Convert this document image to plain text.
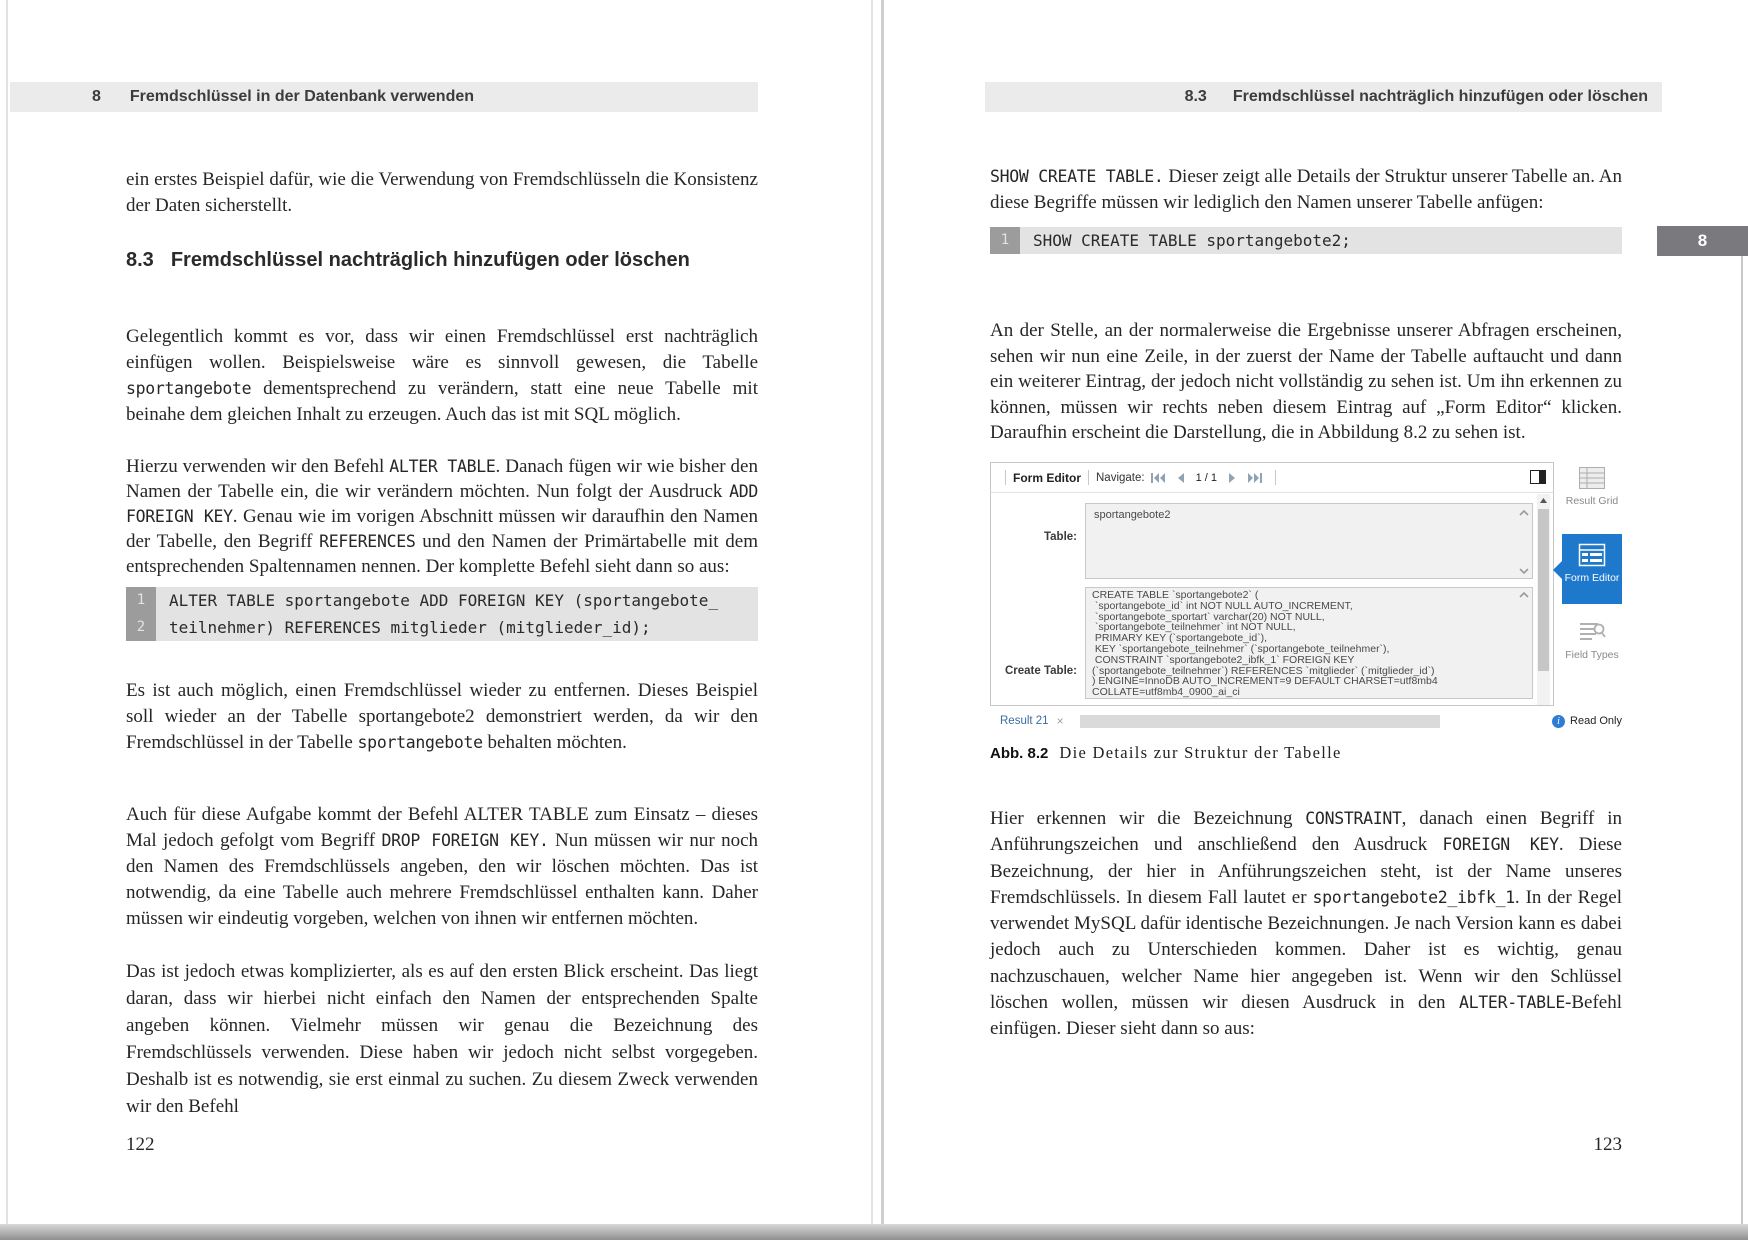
8 Fremdschlüssel in der Datenbank verwenden

ein erstes Beispiel dafür, wie die Verwendung von Fremdschlüsseln die Konsistenz der Daten sicherstellt.

8.3 Fremdschlüssel nachträglich hinzufügen oder löschen

Gelegentlich kommt es vor, dass wir einen Fremdschlüssel erst nachträglich einfügen wollen. Beispielsweise wäre es sinnvoll gewesen, die Tabelle sportangebote dementsprechend zu verändern, statt eine neue Tabelle mit beinahe dem gleichen Inhalt zu erzeugen. Auch das ist mit SQL möglich.

Hierzu verwenden wir den Befehl ALTER TABLE. Danach fügen wir wie bisher den Namen der Tabelle ein, die wir verändern möchten. Nun folgt der Ausdruck ADD FOREIGN KEY. Genau wie im vorigen Abschnitt müssen wir daraufhin den Namen der Tabelle, den Begriff REFERENCES und den Namen der Primärtabelle mit dem entsprechenden Spaltennamen nennen. Der komplette Befehl sieht dann so aus:

1	ALTER TABLE sportangebote ADD FOREIGN KEY (sportangebote_
2	teilnehmer) REFERENCES mitglieder (mitglieder_id);

Es ist auch möglich, einen Fremdschlüssel wieder zu entfernen. Dieses Beispiel soll wieder an der Tabelle sportangebote2 demonstriert werden, da wir den Fremdschlüssel in der Tabelle sportangebote behalten möchten.

Auch für diese Aufgabe kommt der Befehl ALTER TABLE zum Einsatz – dieses Mal jedoch gefolgt vom Begriff DROP FOREIGN KEY. Nun müssen wir nur noch den Namen des Fremdschlüssels angeben, den wir löschen möchten. Das ist notwendig, da eine Tabelle auch mehrere Fremdschlüssel enthalten kann. Daher müssen wir eindeutig vorgeben, welchen von ihnen wir entfernen möchten.

Das ist jedoch etwas komplizierter, als es auf den ersten Blick erscheint. Das liegt daran, dass wir hierbei nicht einfach den Namen der entsprechenden Spalte angeben können. Vielmehr müssen wir genau die Bezeichnung des Fremdschlüssels verwenden. Diese haben wir jedoch nicht selbst vorgegeben. Deshalb ist es notwendig, sie erst einmal zu suchen. Zu diesem Zweck verwenden wir den Befehl

122
8.3 Fremdschlüssel nachträglich hinzufügen oder löschen
8

SHOW CREATE TABLE. Dieser zeigt alle Details der Struktur unserer Tabelle an. An diese Begriffe müssen wir lediglich den Namen unserer Tabelle anfügen:

1	SHOW CREATE TABLE sportangebote2;

An der Stelle, an der normalerweise die Ergebnisse unserer Abfragen erscheinen, sehen wir nun eine Zeile, in der zuerst der Name der Tabelle auftaucht und dann ein weiterer Eintrag, der jedoch nicht vollständig zu sehen ist. Um ihn erkennen zu können, müssen wir rechts neben diesem Eintrag auf „Form Editor“ klicken. Daraufhin erscheint die Darstellung, die in Abbildung 8.2 zu sehen ist.

Form Editor Navigate:	1 / 1
Table:
sportangebote2
Create Table:
CREATE TABLE `sportangebote2` (
`sportangebote_id` int NOT NULL AUTO_INCREMENT,
`sportangebote_sportart` varchar(20) NOT NULL,
`sportangebote_teilnehmer` int NOT NULL,
PRIMARY KEY (`sportangebote_id`),
KEY `sportangebote_teilnehmer` (`sportangebote_teilnehmer`),
CONSTRAINT `sportangebote2_ibfk_1` FOREIGN KEY
(`sportangebote_teilnehmer`) REFERENCES `mitglieder` (`mitglieder_id`)
) ENGINE=InnoDB AUTO_INCREMENT=9 DEFAULT CHARSET=utf8mb4
COLLATE=utf8mb4_0900_ai_ci
Result Grid
Form Editor
Field Types
Result 21 ×	i Read Only
Abb. 8.2 Die Details zur Struktur der Tabelle

Hier erkennen wir die Bezeichnung CONSTRAINT, danach einen Begriff in Anführungszeichen und anschließend den Ausdruck FOREIGN KEY. Diese Bezeichnung, der hier in Anführungszeichen steht, ist der Name unseres Fremdschlüssels. In diesem Fall lautet er sportangebote2_ibfk_1. In der Regel verwendet MySQL dafür identische Bezeichnungen. Je nach Version kann es dabei jedoch auch zu Unterschieden kommen. Daher ist es wichtig, genau nachzuschauen, welcher Name hier angegeben ist. Wenn wir den Schlüssel löschen wollen, müssen wir diesen Ausdruck in den ALTER-TABLE-Befehl einfügen. Dieser sieht dann so aus:

123
